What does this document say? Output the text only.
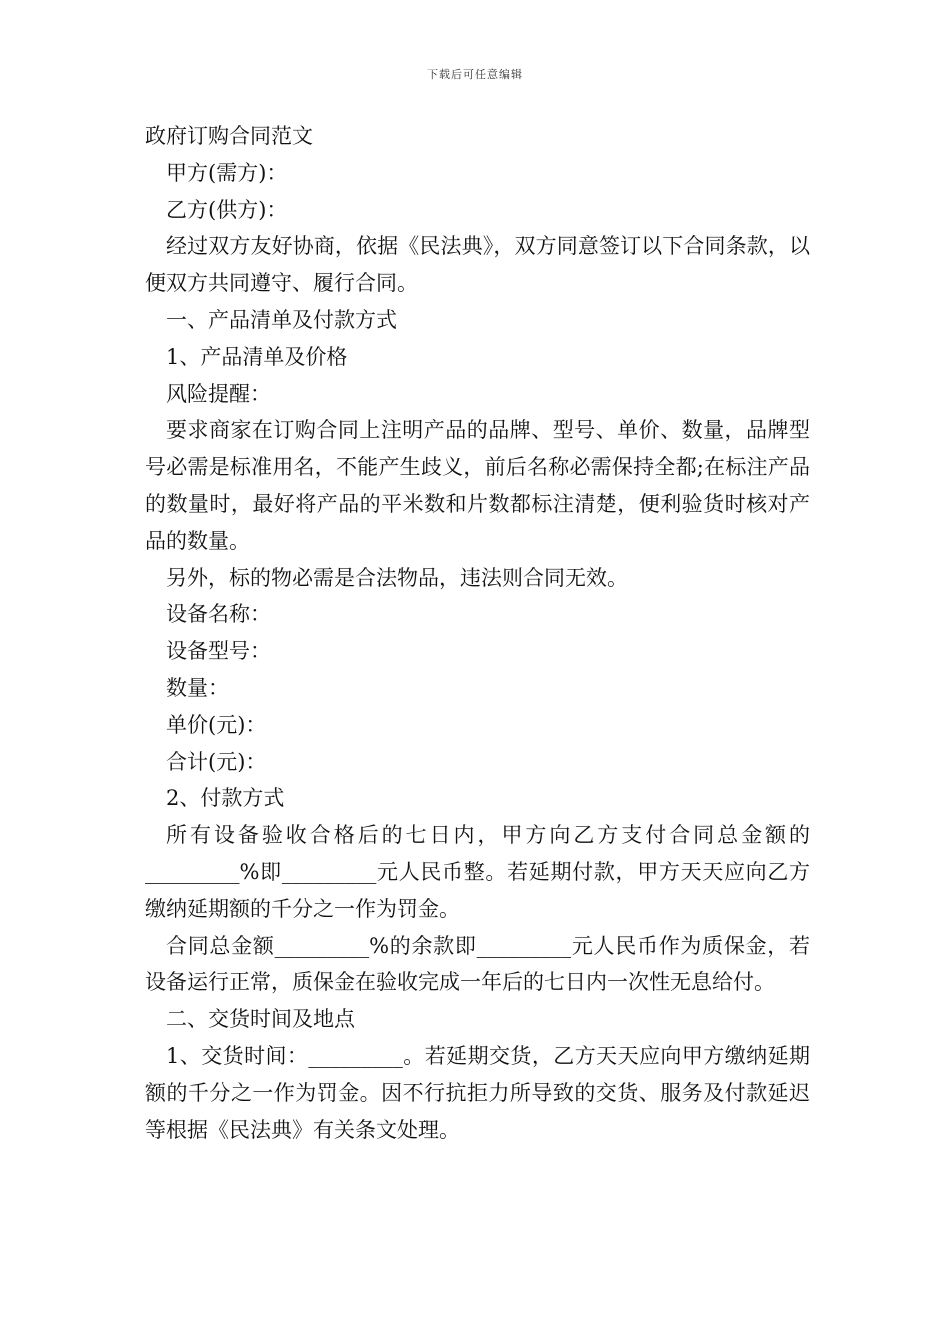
下载后可任意编辑

政府订购合同范文

甲方(需方)：

乙方(供方)：

经过双方友好协商，依据《民法典》，双方同意签订以下合同条款，以便双方共同遵守、履行合同。

一、产品清单及付款方式

1、产品清单及价格

风险提醒：

要求商家在订购合同上注明产品的品牌、型号、单价、数量，品牌型号必需是标准用名，不能产生歧义，前后名称必需保持全都;在标注产品的数量时，最好将产品的平米数和片数都标注清楚，便利验货时核对产品的数量。

另外，标的物必需是合法物品，违法则合同无效。

设备名称：

设备型号：

数量：

单价(元)：

合计(元)：

2、付款方式

所有设备验收合格后的七日内，甲方向乙方支付合同总金额的_________%即_________元人民币整。若延期付款，甲方天天应向乙方缴纳延期额的千分之一作为罚金。

合同总金额_________%的余款即_________元人民币作为质保金，若设备运行正常，质保金在验收完成一年后的七日内一次性无息给付。

二、交货时间及地点

1、交货时间：_________。若延期交货，乙方天天应向甲方缴纳延期额的千分之一作为罚金。因不行抗拒力所导致的交货、服务及付款延迟等根据《民法典》有关条文处理。
